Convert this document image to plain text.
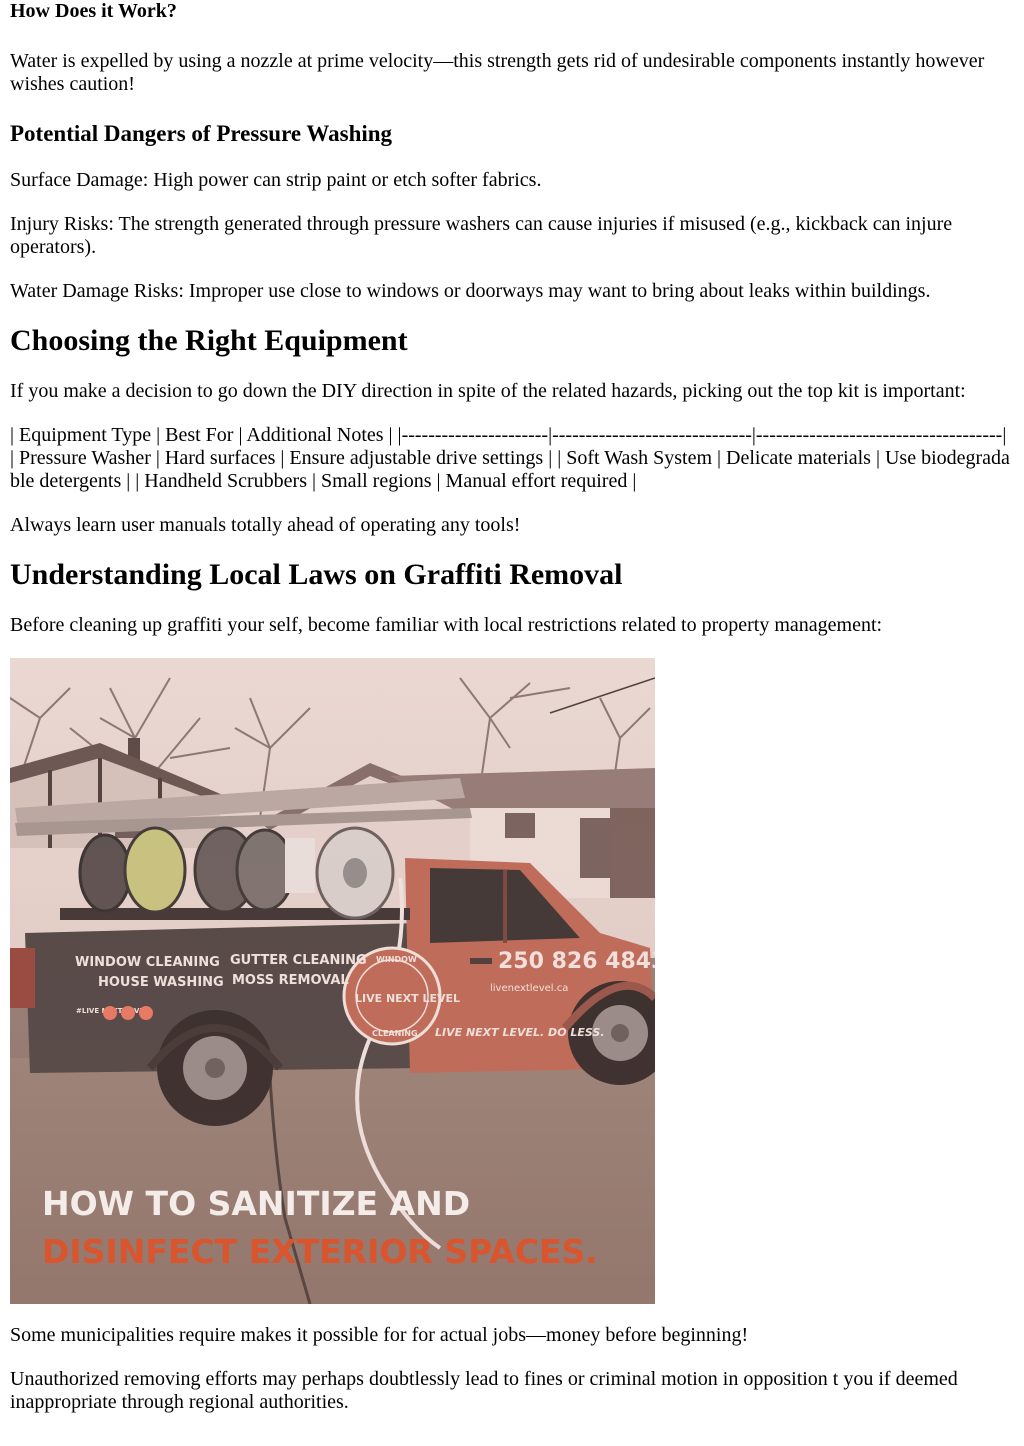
How Does it Work?

Water is expelled by using a nozzle at prime velocity—this strength gets rid of undesirable components instantly however wishes caution!

Potential Dangers of Pressure Washing

Surface Damage: High power can strip paint or etch softer fabrics.

Injury Risks: The strength generated through pressure washers can cause injuries if misused (e.g., kickback can injure operators).

Water Damage Risks: Improper use close to windows or doorways may want to bring about leaks within buildings.

Choosing the Right Equipment

If you make a decision to go down the DIY direction in spite of the related hazards, picking out the top kit is important:

| Equipment Type | Best For | Additional Notes | |----------------------|------------------------------|-------------------------------------| | Pressure Washer | Hard surfaces | Ensure adjustable drive settings | | Soft Wash System | Delicate materials | Use biodegradable detergents | | Handheld Scrubbers | Small regions | Manual effort required |

Always learn user manuals totally ahead of operating any tools!

Understanding Local Laws on Graffiti Removal

Before cleaning up graffiti your self, become familiar with local restrictions related to property management:

HOW TO SANITIZE AND
DISINFECT EXTERIOR SPACES.

Some municipalities require makes it possible for for actual jobs—money before beginning!

Unauthorized removing efforts may perhaps doubtlessly lead to fines or criminal motion in opposition t you if deemed inappropriate through regional authorities.
